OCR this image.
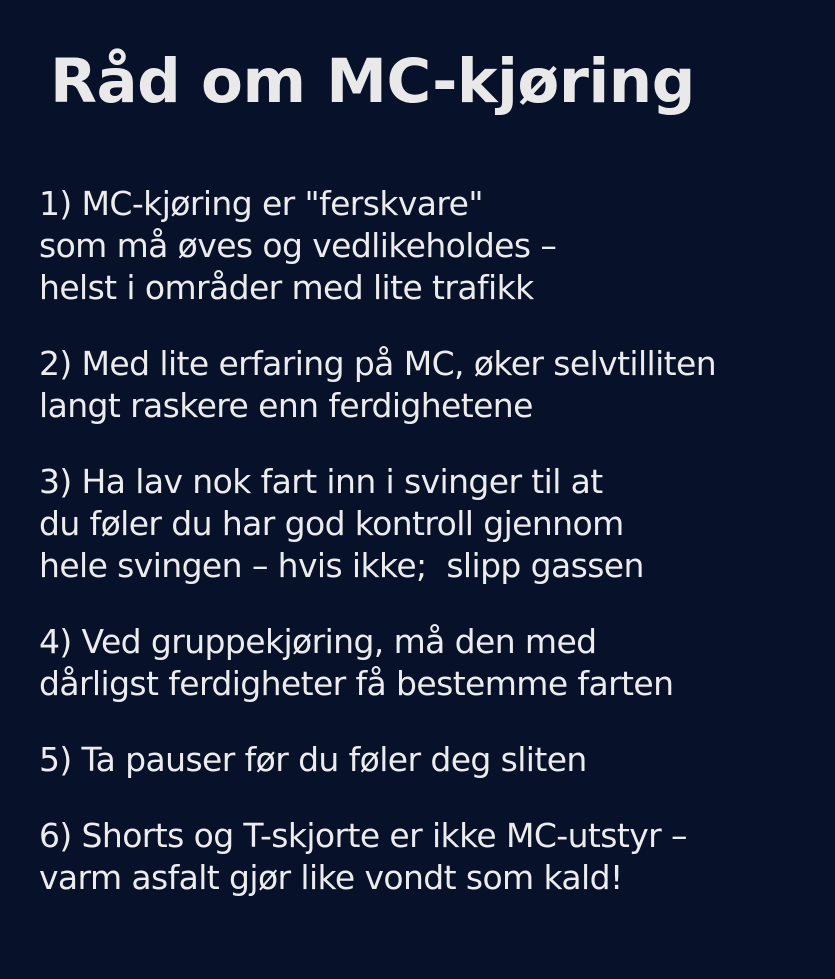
Råd om MC-kjøring
1) MC-kjøring er "ferskvare"
som må øves og vedlikeholdes –
helst i områder med lite trafikk
2) Med lite erfaring på MC, øker selvtilliten
langt raskere enn ferdighetene
3) Ha lav nok fart inn i svinger til at
du føler du har god kontroll gjennom
hele svingen – hvis ikke;  slipp gassen
4) Ved gruppekjøring, må den med
dårligst ferdigheter få bestemme farten
5) Ta pauser før du føler deg sliten
6) Shorts og T-skjorte er ikke MC-utstyr –
varm asfalt gjør like vondt som kald!
